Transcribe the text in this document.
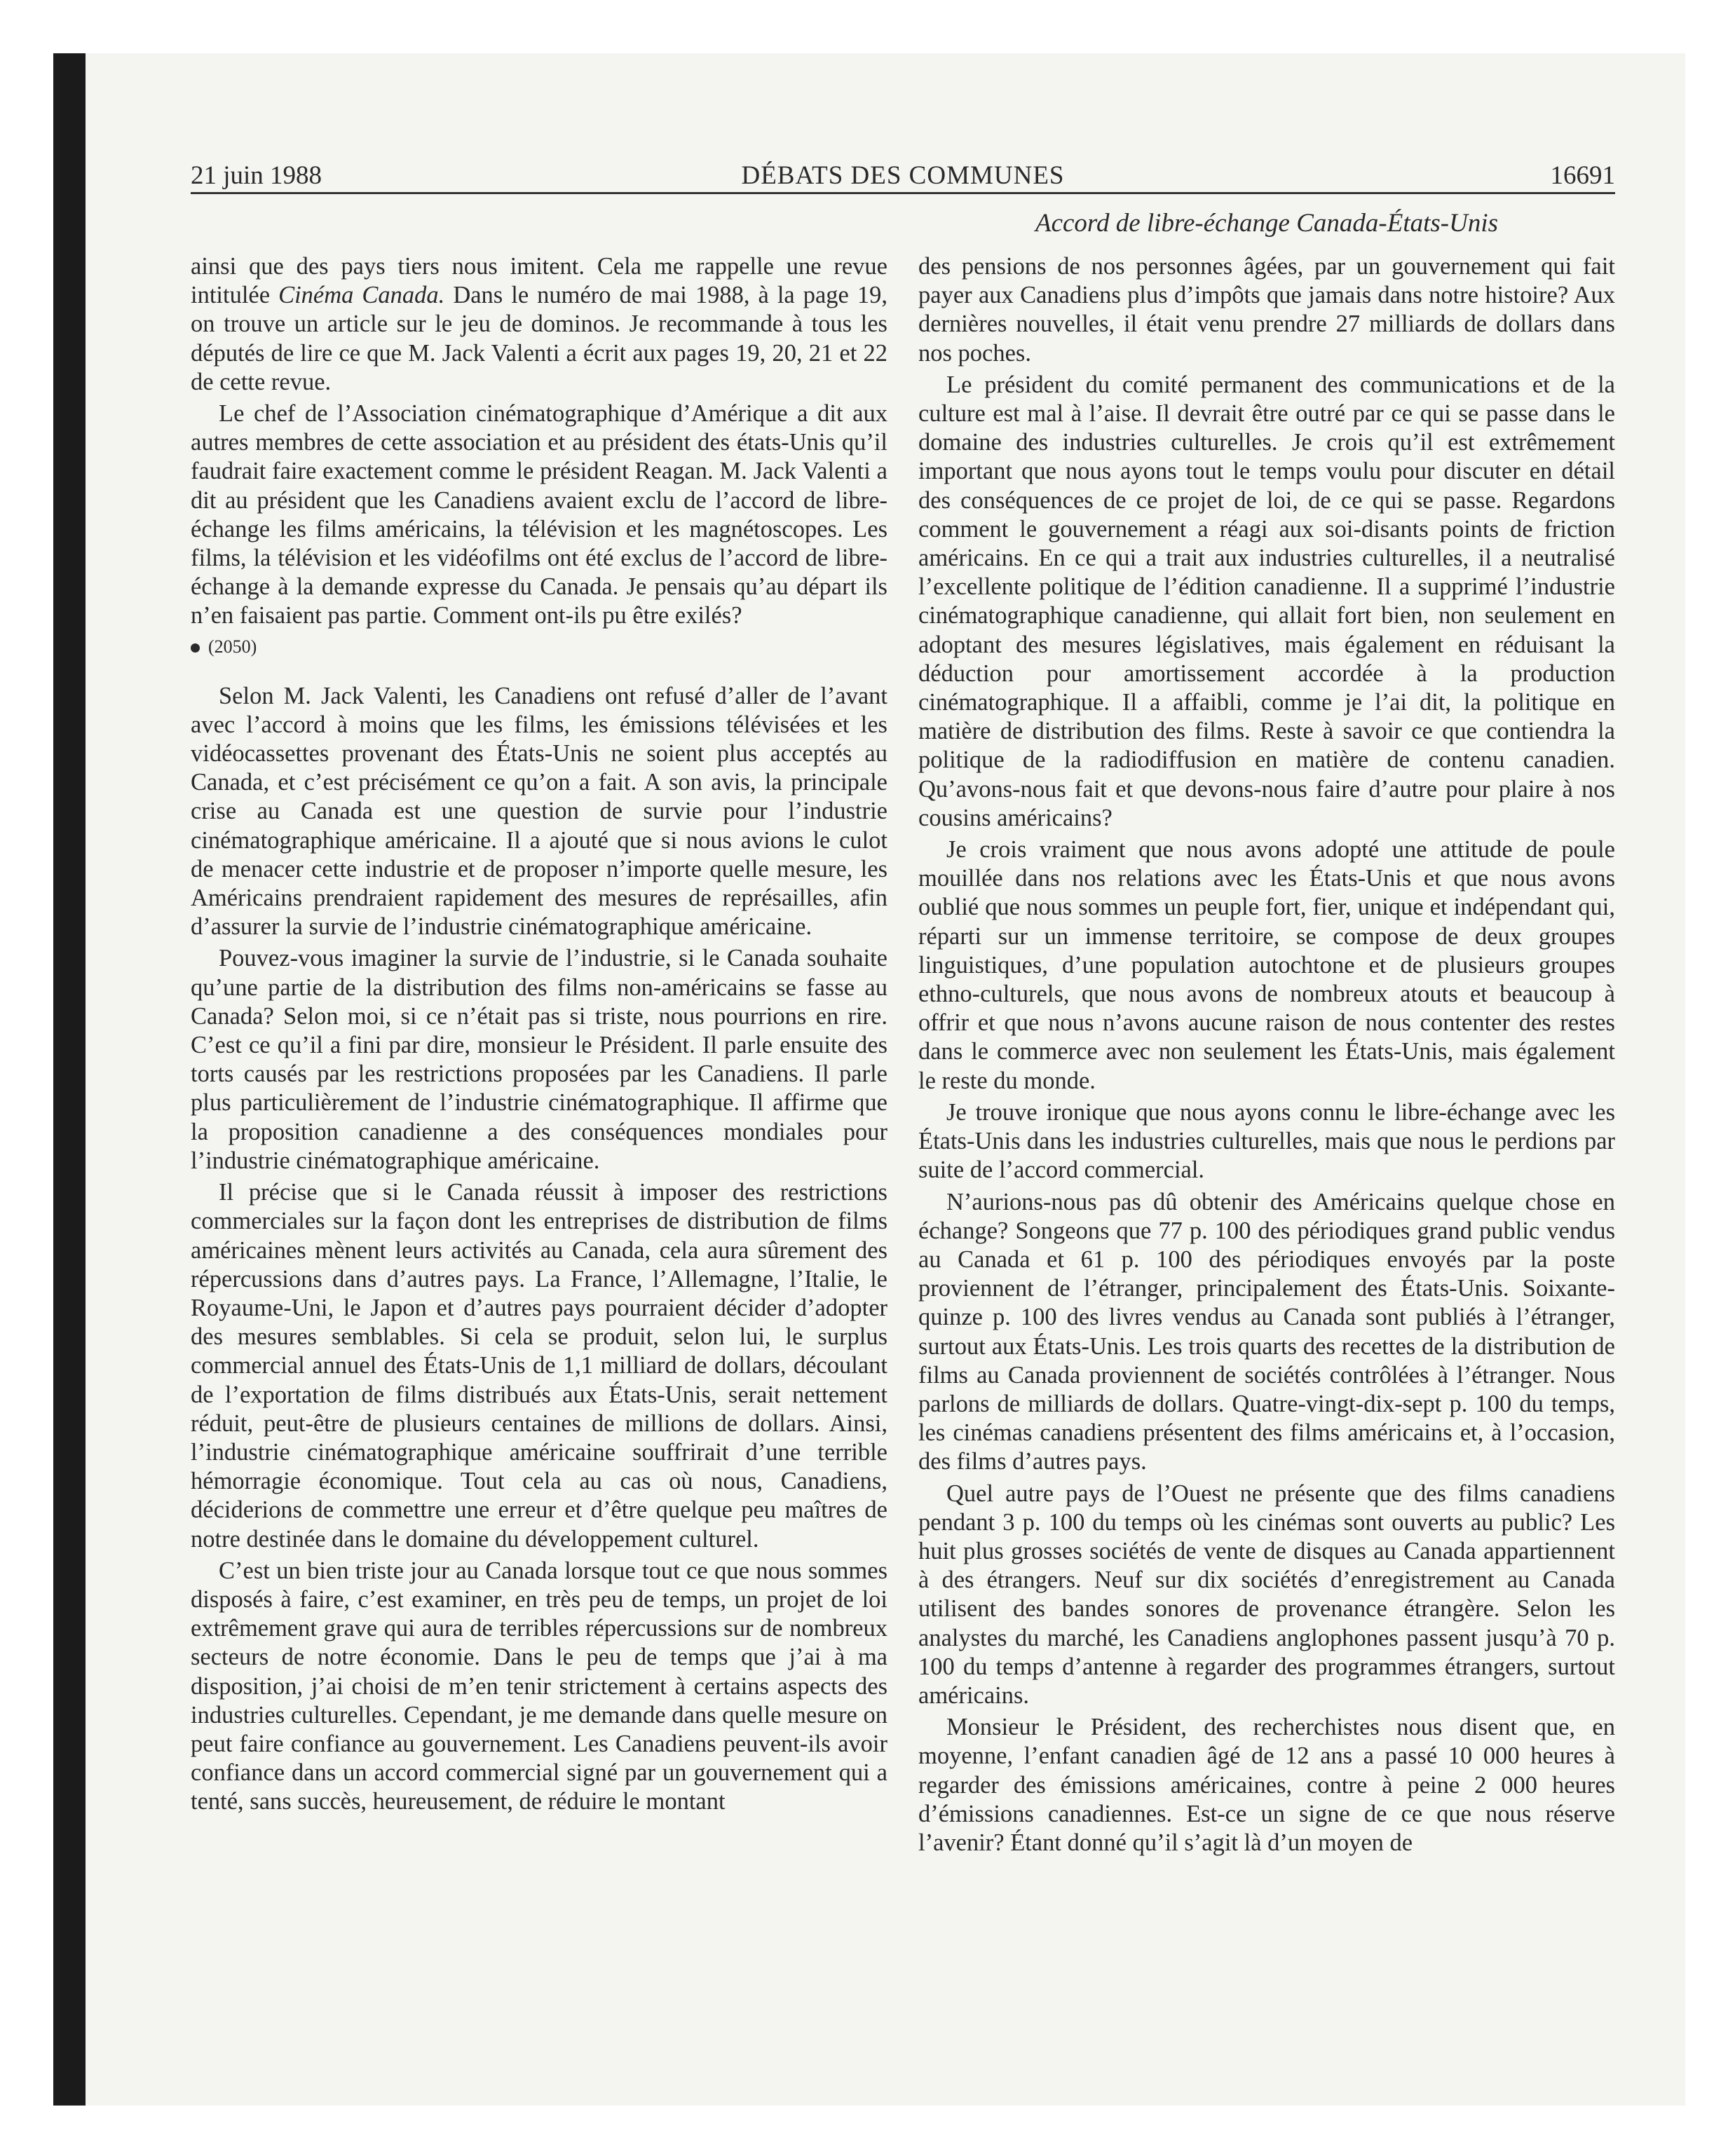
21 juin 1988	DÉBATS DES COMMUNES	16691
Accord de libre-échange Canada-États-Unis

ainsi que des pays tiers nous imitent. Cela me rappelle une revue intitulée Cinéma Canada. Dans le numéro de mai 1988, à la page 19, on trouve un article sur le jeu de dominos. Je recommande à tous les députés de lire ce que M. Jack Valenti a écrit aux pages 19, 20, 21 et 22 de cette revue.

Le chef de l’Association cinématographique d’Amérique a dit aux autres membres de cette association et au président des états-Unis qu’il faudrait faire exactement comme le président Reagan. M. Jack Valenti a dit au président que les Canadiens avaient exclu de l’accord de libre-échange les films américains, la télévision et les magnétoscopes. Les films, la télévision et les vidéofilms ont été exclus de l’accord de libre-échange à la demande expresse du Canada. Je pensais qu’au départ ils n’en faisaient pas partie. Comment ont-ils pu être exilés?

(2050)

Selon M. Jack Valenti, les Canadiens ont refusé d’aller de l’avant avec l’accord à moins que les films, les émissions télévisées et les vidéocassettes provenant des États-Unis ne soient plus acceptés au Canada, et c’est précisément ce qu’on a fait. A son avis, la principale crise au Canada est une question de survie pour l’industrie cinématographique américaine. Il a ajouté que si nous avions le culot de menacer cette industrie et de proposer n’importe quelle mesure, les Américains prendraient rapidement des mesures de représailles, afin d’assurer la survie de l’industrie cinématographique américaine.

Pouvez-vous imaginer la survie de l’industrie, si le Canada souhaite qu’une partie de la distribution des films non-américains se fasse au Canada? Selon moi, si ce n’était pas si triste, nous pourrions en rire. C’est ce qu’il a fini par dire, monsieur le Président. Il parle ensuite des torts causés par les restrictions proposées par les Canadiens. Il parle plus particulièrement de l’industrie cinématographique. Il affirme que la proposition canadienne a des conséquences mondiales pour l’industrie cinématographique américaine.

Il précise que si le Canada réussit à imposer des restrictions commerciales sur la façon dont les entreprises de distribution de films américaines mènent leurs activités au Canada, cela aura sûrement des répercussions dans d’autres pays. La France, l’Allemagne, l’Italie, le Royaume-Uni, le Japon et d’autres pays pourraient décider d’adopter des mesures semblables. Si cela se produit, selon lui, le surplus commercial annuel des États-Unis de 1,1 milliard de dollars, découlant de l’exportation de films distribués aux États-Unis, serait nettement réduit, peut-être de plusieurs centaines de millions de dollars. Ainsi, l’industrie cinématographique américaine souffrirait d’une terrible hémorragie économique. Tout cela au cas où nous, Canadiens, déciderions de commettre une erreur et d’être quelque peu maîtres de notre destinée dans le domaine du développement culturel.

C’est un bien triste jour au Canada lorsque tout ce que nous sommes disposés à faire, c’est examiner, en très peu de temps, un projet de loi extrêmement grave qui aura de terribles répercussions sur de nombreux secteurs de notre économie. Dans le peu de temps que j’ai à ma disposition, j’ai choisi de m’en tenir strictement à certains aspects des industries culturelles. Cependant, je me demande dans quelle mesure on peut faire confiance au gouvernement. Les Canadiens peuvent-ils avoir confiance dans un accord commercial signé par un gouvernement qui a tenté, sans succès, heureusement, de réduire le montant

des pensions de nos personnes âgées, par un gouvernement qui fait payer aux Canadiens plus d’impôts que jamais dans notre histoire? Aux dernières nouvelles, il était venu prendre 27 milliards de dollars dans nos poches.

Le président du comité permanent des communications et de la culture est mal à l’aise. Il devrait être outré par ce qui se passe dans le domaine des industries culturelles. Je crois qu’il est extrêmement important que nous ayons tout le temps voulu pour discuter en détail des conséquences de ce projet de loi, de ce qui se passe. Regardons comment le gouvernement a réagi aux soi-disants points de friction américains. En ce qui a trait aux industries culturelles, il a neutralisé l’excellente politique de l’édition canadienne. Il a supprimé l’industrie cinématographique canadienne, qui allait fort bien, non seulement en adoptant des mesures législatives, mais également en réduisant la déduction pour amortissement accordée à la production cinématographique. Il a affaibli, comme je l’ai dit, la politique en matière de distribution des films. Reste à savoir ce que contiendra la politique de la radiodiffusion en matière de contenu canadien. Qu’avons-nous fait et que devons-nous faire d’autre pour plaire à nos cousins américains?

Je crois vraiment que nous avons adopté une attitude de poule mouillée dans nos relations avec les États-Unis et que nous avons oublié que nous sommes un peuple fort, fier, unique et indépendant qui, réparti sur un immense territoire, se compose de deux groupes linguistiques, d’une population autochtone et de plusieurs groupes ethno-culturels, que nous avons de nombreux atouts et beaucoup à offrir et que nous n’avons aucune raison de nous contenter des restes dans le commerce avec non seulement les États-Unis, mais également le reste du monde.

Je trouve ironique que nous ayons connu le libre-échange avec les États-Unis dans les industries culturelles, mais que nous le perdions par suite de l’accord commercial.

N’aurions-nous pas dû obtenir des Américains quelque chose en échange? Songeons que 77 p. 100 des périodiques grand public vendus au Canada et 61 p. 100 des périodiques envoyés par la poste proviennent de l’étranger, principalement des États-Unis. Soixante-quinze p. 100 des livres vendus au Canada sont publiés à l’étranger, surtout aux États-Unis. Les trois quarts des recettes de la distribution de films au Canada proviennent de sociétés contrôlées à l’étranger. Nous parlons de milliards de dollars. Quatre-vingt-dix-sept p. 100 du temps, les cinémas canadiens présentent des films américains et, à l’occasion, des films d’autres pays.

Quel autre pays de l’Ouest ne présente que des films canadiens pendant 3 p. 100 du temps où les cinémas sont ouverts au public? Les huit plus grosses sociétés de vente de disques au Canada appartiennent à des étrangers. Neuf sur dix sociétés d’enregistrement au Canada utilisent des bandes sonores de provenance étrangère. Selon les analystes du marché, les Canadiens anglophones passent jusqu’à 70 p. 100 du temps d’antenne à regarder des programmes étrangers, surtout américains.

Monsieur le Président, des recherchistes nous disent que, en moyenne, l’enfant canadien âgé de 12 ans a passé 10 000 heures à regarder des émissions américaines, contre à peine 2 000 heures d’émissions canadiennes. Est-ce un signe de ce que nous réserve l’avenir? Étant donné qu’il s’agit là d’un moyen de
